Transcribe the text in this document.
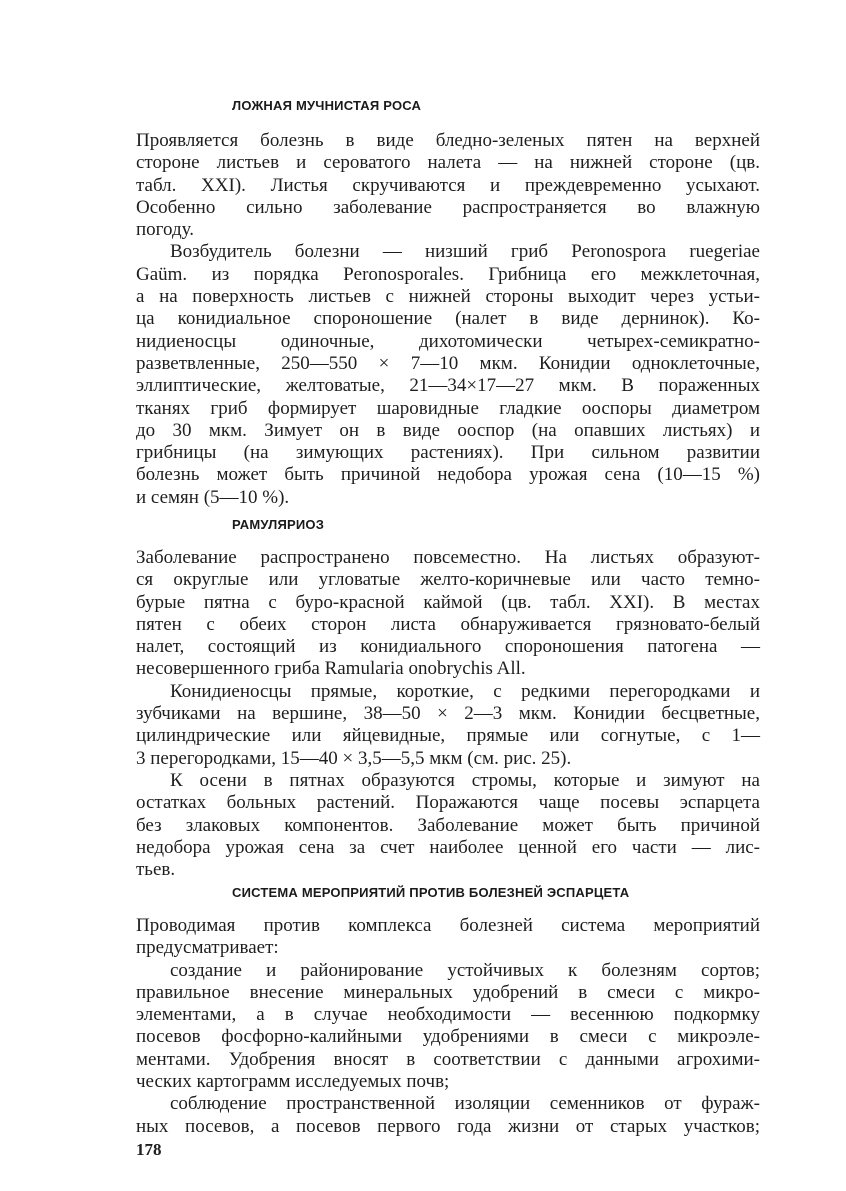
ЛОЖНАЯ МУЧНИСТАЯ РОСА
Проявляется болезнь в виде бледно-зеленых пятен на верхней
стороне листьев и сероватого налета — на нижней стороне (цв.
табл. XXI). Листья скручиваются и преждевременно усыхают.
Особенно сильно заболевание распространяется во влажную
погоду.
Возбудитель болезни — низший гриб Peronospora ruegeriae
Gaüm. из порядка Peronosporales. Грибница его межклеточная,
а на поверхность листьев с нижней стороны выходит через устьи-
ца конидиальное спороношение (налет в виде дернинок). Ко-
нидиеносцы одиночные, дихотомически четырех-семикратно-
разветвленные, 250—550 × 7—10 мкм. Конидии одноклеточные,
эллиптические, желтоватые, 21—34×17—27 мкм. В пораженных
тканях гриб формирует шаровидные гладкие ооспоры диаметром
до 30 мкм. Зимует он в виде ооспор (на опавших листьях) и
грибницы (на зимующих растениях). При сильном развитии
болезнь может быть причиной недобора урожая сена (10—15 %)
и семян (5—10 %).
РАМУЛЯРИОЗ
Заболевание распространено повсеместно. На листьях образуют-
ся округлые или угловатые желто-коричневые или часто темно-
бурые пятна с буро-красной каймой (цв. табл. XXI). В местах
пятен с обеих сторон листа обнаруживается грязновато-белый
налет, состоящий из конидиального спороношения патогена —
несовершенного гриба Ramularia onobrychis All.
Конидиеносцы прямые, короткие, с редкими перегородками и
зубчиками на вершине, 38—50 × 2—3 мкм. Конидии бесцветные,
цилиндрические или яйцевидные, прямые или согнутые, с 1—
3 перегородками, 15—40 × 3,5—5,5 мкм (см. рис. 25).
К осени в пятнах образуются стромы, которые и зимуют на
остатках больных растений. Поражаются чаще посевы эспарцета
без злаковых компонентов. Заболевание может быть причиной
недобора урожая сена за счет наиболее ценной его части — лис-
тьев.
СИСТЕМА МЕРОПРИЯТИЙ ПРОТИВ БОЛЕЗНЕЙ ЭСПАРЦЕТА
Проводимая против комплекса болезней система мероприятий
предусматривает:
создание и районирование устойчивых к болезням сортов;
правильное внесение минеральных удобрений в смеси с микро-
элементами, а в случае необходимости — весеннюю подкормку
посевов фосфорно-калийными удобрениями в смеси с микроэле-
ментами. Удобрения вносят в соответствии с данными агрохими-
ческих картограмм исследуемых почв;
соблюдение пространственной изоляции семенников от фураж-
ных посевов, а посевов первого года жизни от старых участков;
178
